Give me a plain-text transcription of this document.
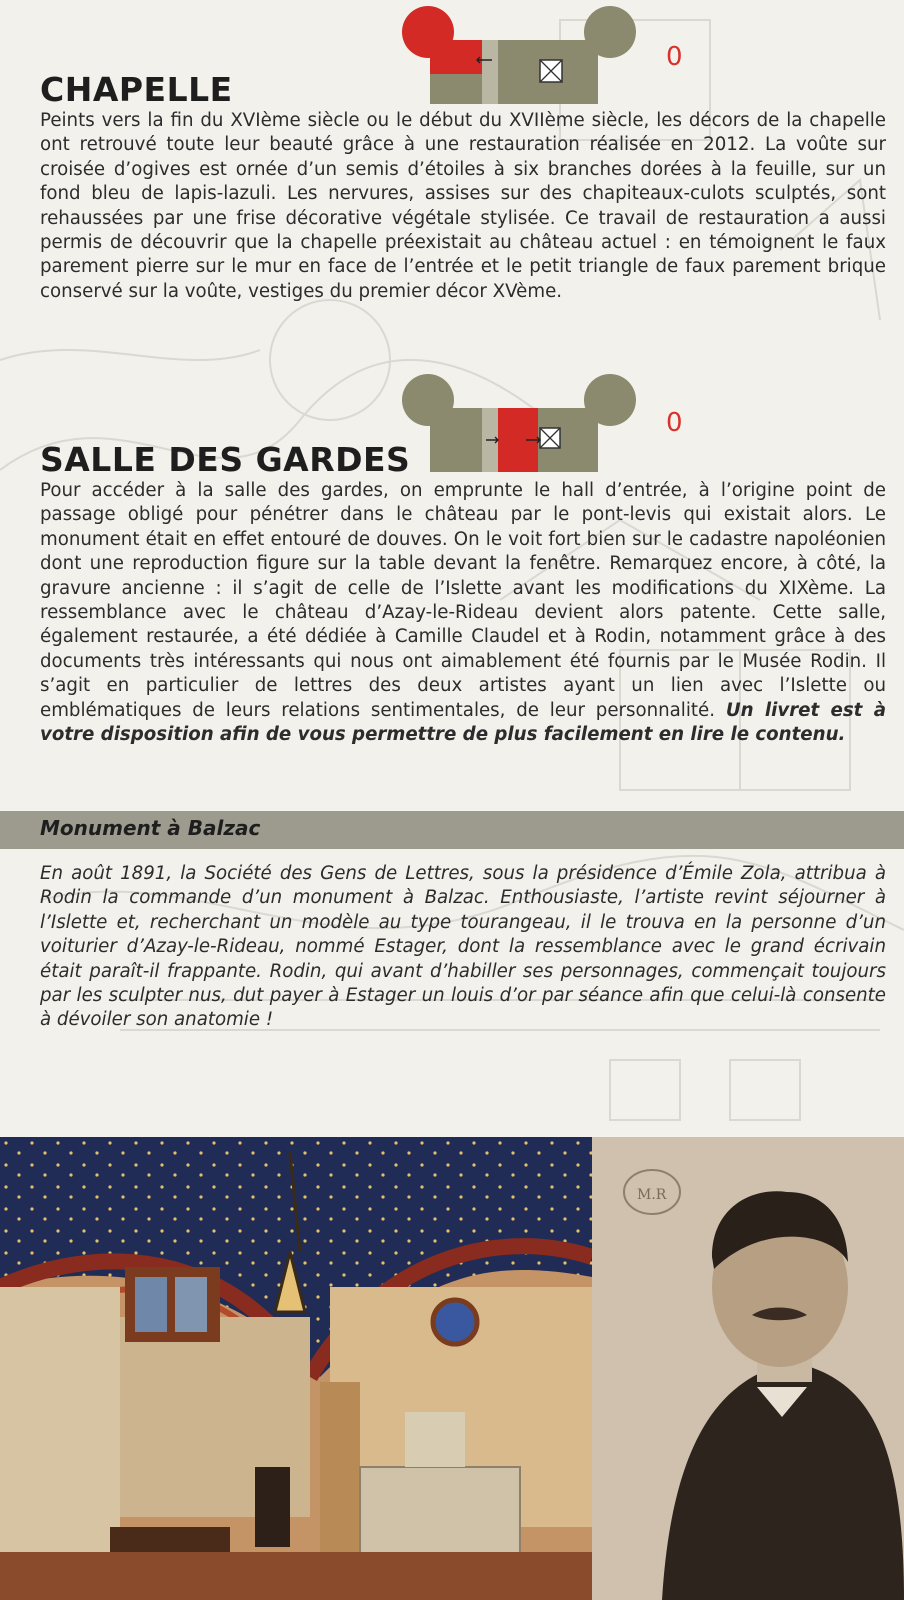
0
CHAPELLE

Peints vers la fin du XVIème siècle ou le début du XVIIème siècle, les décors de la chapelle ont retrouvé toute leur beauté grâce à une restauration réalisée en 2012. La voûte sur croisée d’ogives est ornée d’un semis d’étoiles à six branches dorées à la feuille, sur un fond bleu de lapis-lazuli. Les nervures, assises sur des chapiteaux-culots sculptés, sont rehaussées par une frise décorative végétale stylisée. Ce travail de restauration a aussi permis de découvrir que la chapelle préexistait au château actuel : en témoignent le faux parement pierre sur le mur en face de l’entrée et le petit triangle de faux parement brique conservé sur la voûte, vestiges du premier décor XVème.

0
SALLE DES GARDES

Pour accéder à la salle des gardes, on emprunte le hall d’entrée, à l’origine point de passage obligé pour pénétrer dans le château par le pont-levis qui existait alors. Le monument était en effet entouré de douves. On le voit fort bien sur le cadastre napoléonien dont une reproduction figure sur la table devant la fenêtre. Remarquez encore, à côté, la gravure ancienne : il s’agit de celle de l’Islette avant les modifications du XIXème. La ressemblance avec le château d’Azay-le-Rideau devient alors patente. Cette salle, également restaurée, a été dédiée à Camille Claudel et à Rodin, notamment grâce à des documents très intéressants qui nous ont aimablement été fournis par le Musée Rodin. Il s’agit en particulier de lettres des deux artistes ayant un lien avec l’Islette ou emblématiques de leurs relations sentimentales, de leur personnalité. Un livret est à votre disposition afin de vous permettre de plus facilement en lire le contenu.

Monument à Balzac

En août 1891, la Société des Gens de Lettres, sous la présidence d’Émile Zola, attribua à Rodin la commande d’un monument à Balzac. Enthousiaste, l’artiste revint séjourner à l’Islette et, recherchant un modèle au type tourangeau, il le trouva en la personne d’un voiturier d’Azay-le-Rideau, nommé Estager, dont la ressemblance avec le grand écrivain était paraît-il frappante. Rodin, qui avant d’habiller ses personnages, commençait toujours par les sculpter nus, dut payer à Estager un louis d’or par séance afin que celui-là consente à dévoiler son anatomie !

M.R
